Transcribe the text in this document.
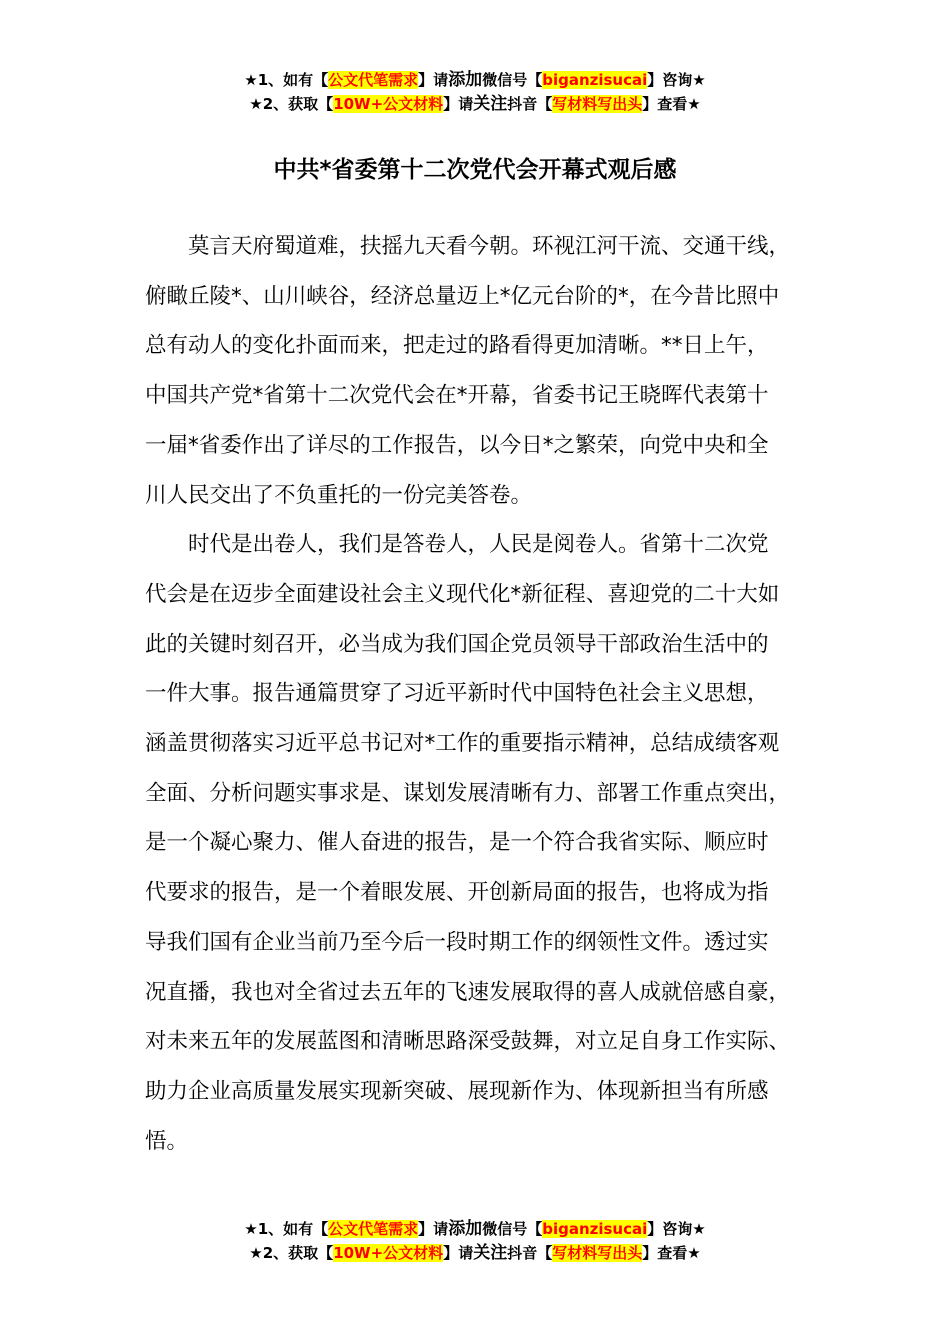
★1、如有【公文代笔需求】请添加微信号【biganzisucai】咨询★
★2、获取【10W+公文材料】请关注抖音【写材料写出头】查看★
中共*省委第十二次党代会开幕式观后感

莫言天府蜀道难，扶摇九天看今朝。环视江河干流、交通干线，
俯瞰丘陵*、山川峡谷，经济总量迈上*亿元台阶的*，在今昔比照中
总有动人的变化扑面而来，把走过的路看得更加清晰。**日上午，
中国共产党*省第十二次党代会在*开幕，省委书记王晓晖代表第十
一届*省委作出了详尽的工作报告，以今日*之繁荣，向党中央和全
川人民交出了不负重托的一份完美答卷。

时代是出卷人，我们是答卷人，人民是阅卷人。省第十二次党
代会是在迈步全面建设社会主义现代化*新征程、喜迎党的二十大如
此的关键时刻召开，必当成为我们国企党员领导干部政治生活中的
一件大事。报告通篇贯穿了习近平新时代中国特色社会主义思想，
涵盖贯彻落实习近平总书记对*工作的重要指示精神，总结成绩客观
全面、分析问题实事求是、谋划发展清晰有力、部署工作重点突出，
是一个凝心聚力、催人奋进的报告，是一个符合我省实际、顺应时
代要求的报告，是一个着眼发展、开创新局面的报告，也将成为指
导我们国有企业当前乃至今后一段时期工作的纲领性文件。透过实
况直播，我也对全省过去五年的飞速发展取得的喜人成就倍感自豪，
对未来五年的发展蓝图和清晰思路深受鼓舞，对立足自身工作实际、
助力企业高质量发展实现新突破、展现新作为、体现新担当有所感
悟。

★1、如有【公文代笔需求】请添加微信号【biganzisucai】咨询★
★2、获取【10W+公文材料】请关注抖音【写材料写出头】查看★
